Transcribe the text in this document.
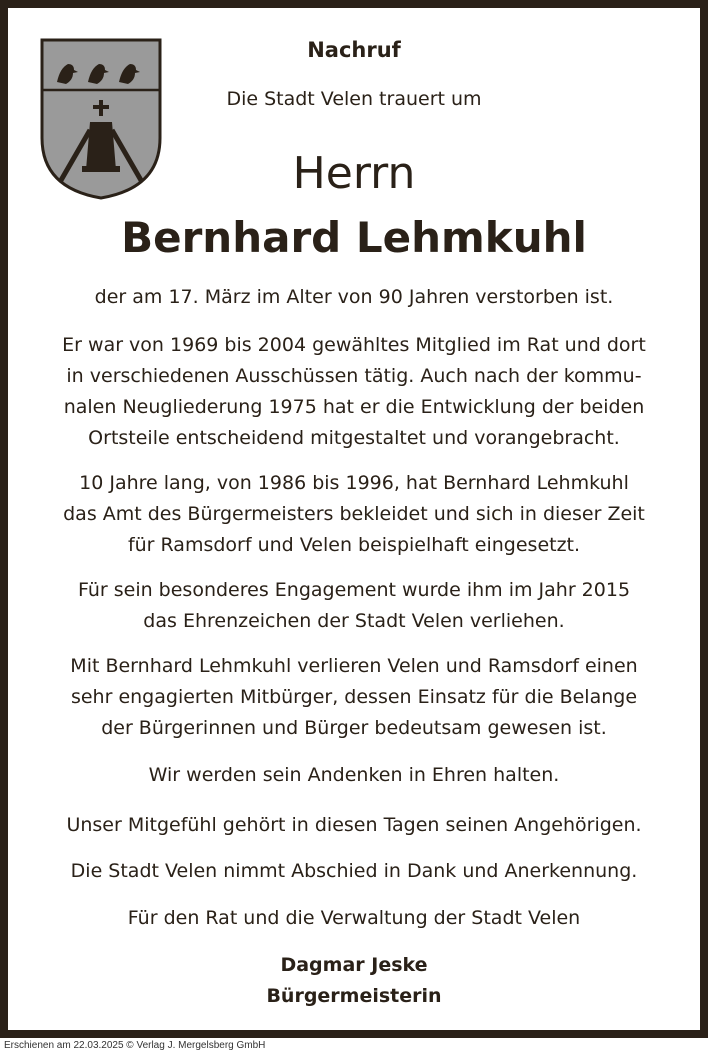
Nachruf
Die Stadt Velen trauert um
Herrn
Bernhard Lehmkuhl
der am 17. März im Alter von 90 Jahren verstorben ist.
Er war von 1969 bis 2004 gewähltes Mitglied im Rat und dort
in verschiedenen Ausschüssen tätig. Auch nach der kommu-
nalen Neugliederung 1975 hat er die Entwicklung der beiden
Ortsteile entscheidend mitgestaltet und vorangebracht.
10 Jahre lang, von 1986 bis 1996, hat Bernhard Lehmkuhl
das Amt des Bürgermeisters bekleidet und sich in dieser Zeit
für Ramsdorf und Velen beispielhaft eingesetzt.
Für sein besonderes Engagement wurde ihm im Jahr 2015
das Ehrenzeichen der Stadt Velen verliehen.
Mit Bernhard Lehmkuhl verlieren Velen und Ramsdorf einen
sehr engagierten Mitbürger, dessen Einsatz für die Belange
der Bürgerinnen und Bürger bedeutsam gewesen ist.
Wir werden sein Andenken in Ehren halten.
Unser Mitgefühl gehört in diesen Tagen seinen Angehörigen.
Die Stadt Velen nimmt Abschied in Dank und Anerkennung.
Für den Rat und die Verwaltung der Stadt Velen
Dagmar Jeske
Bürgermeisterin
Erschienen am 22.03.2025 © Verlag J. Mergelsberg GmbH
